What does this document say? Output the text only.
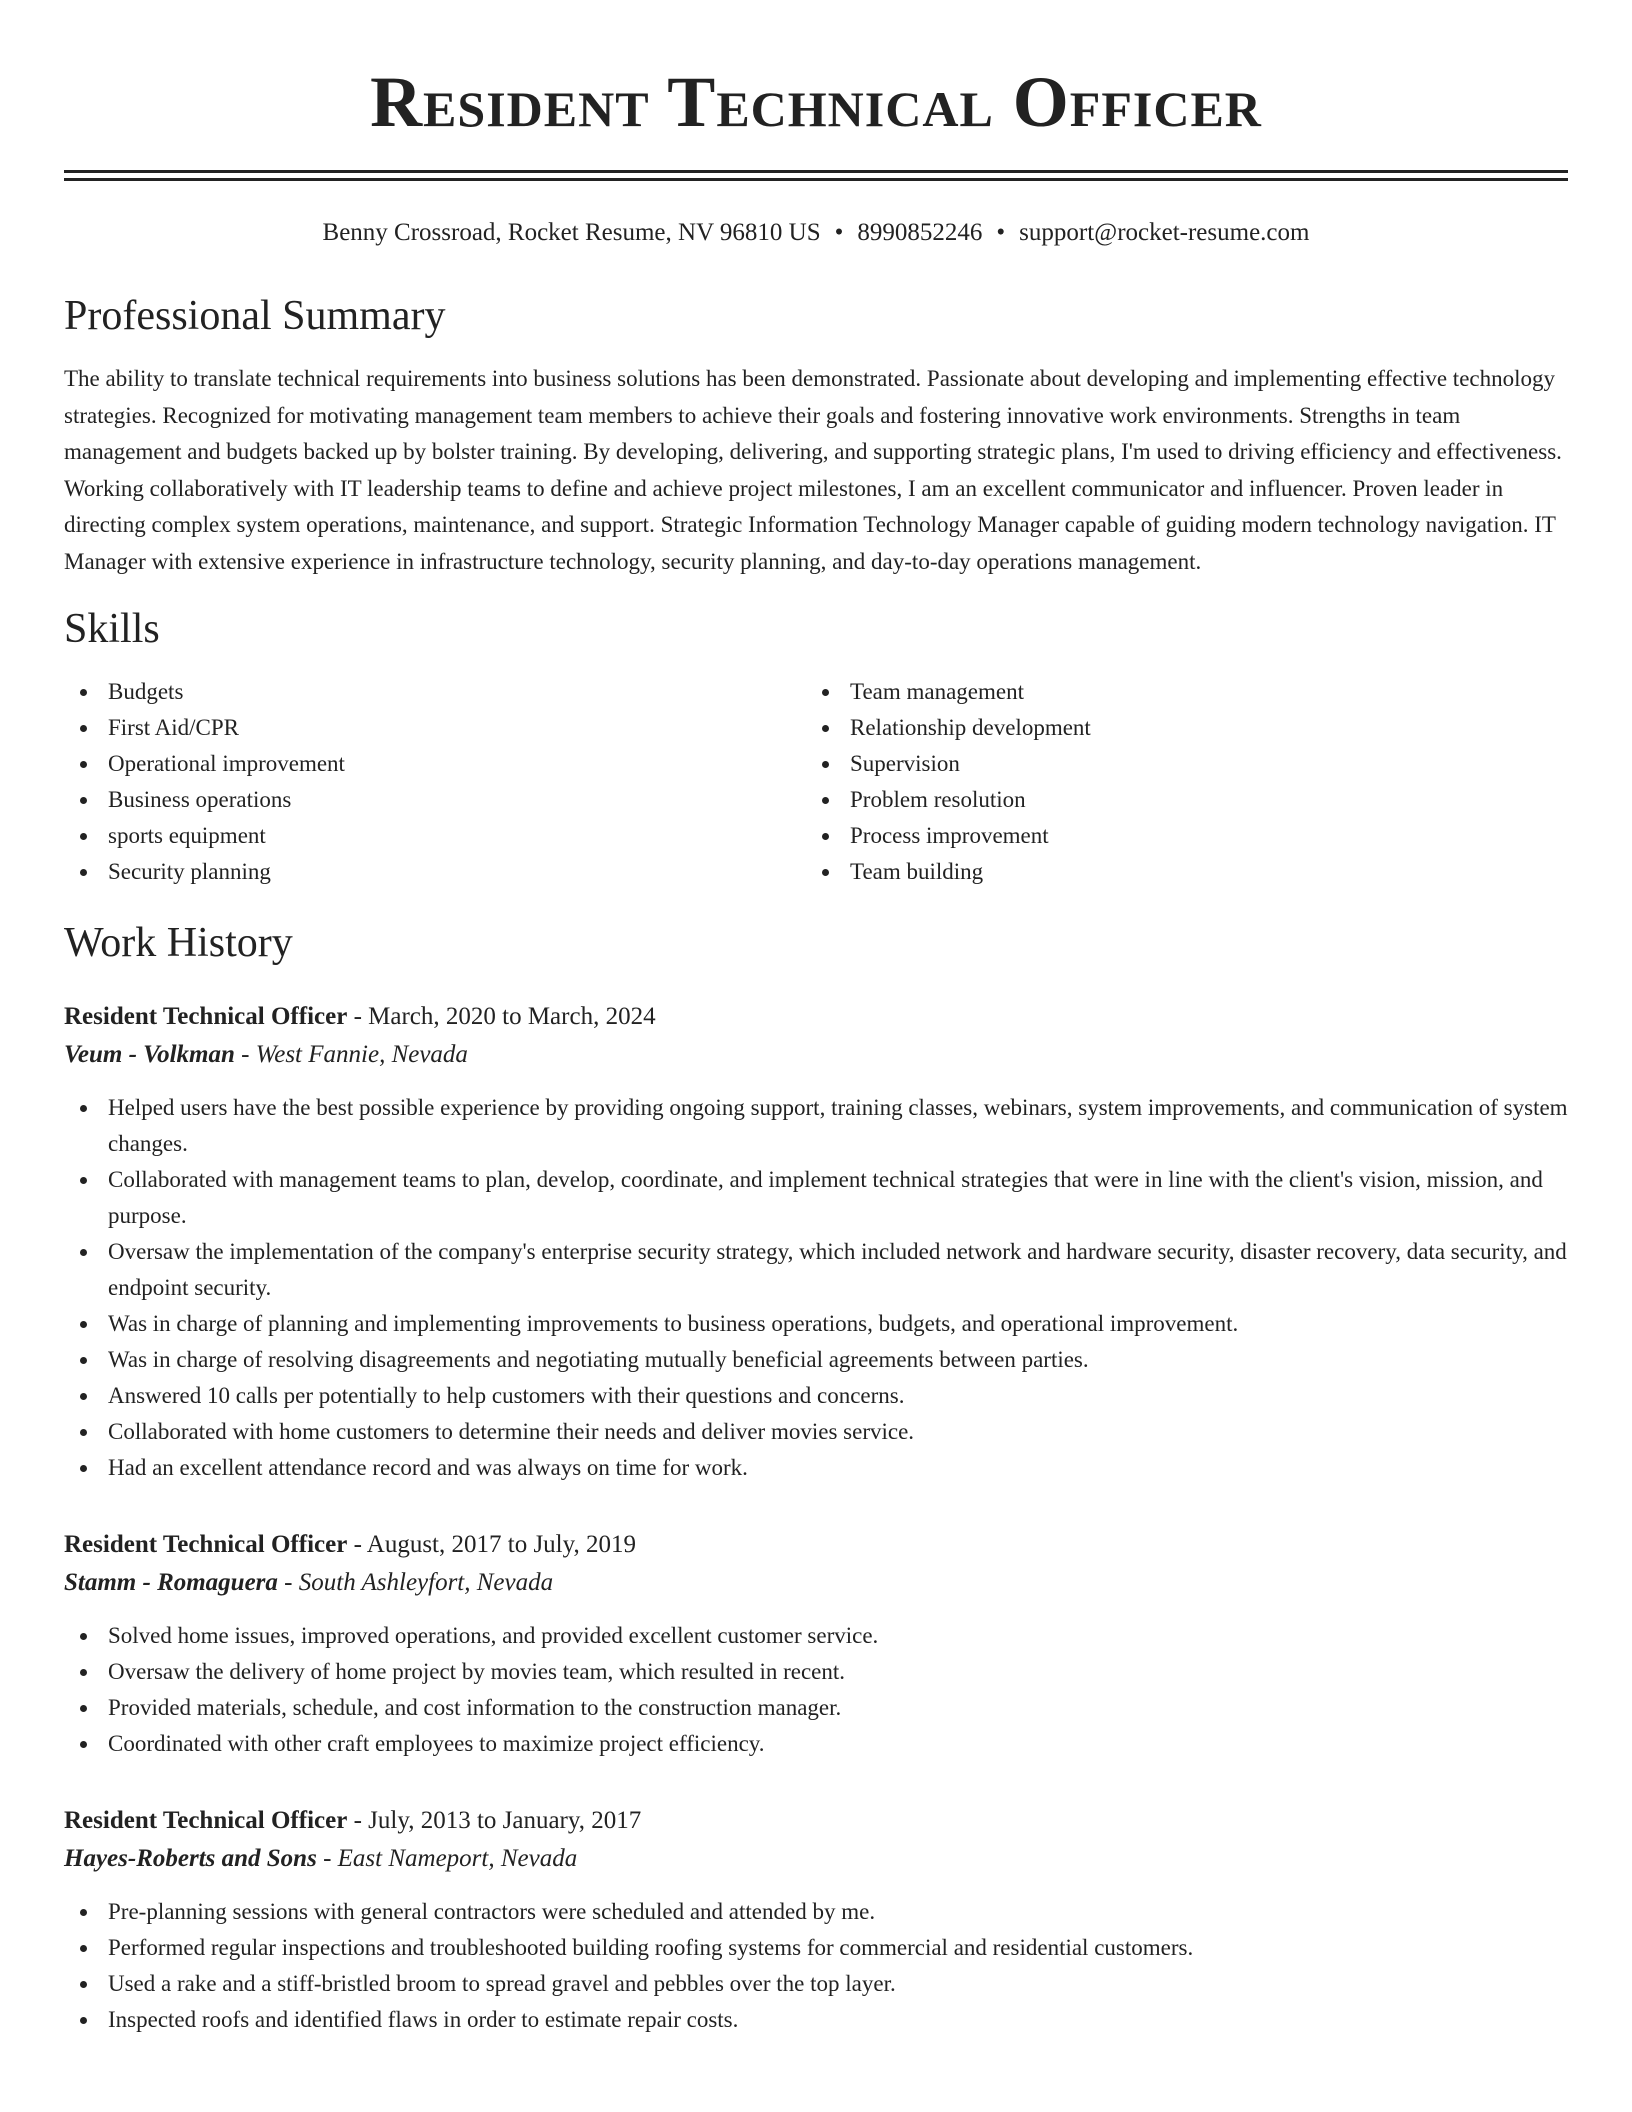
Resident Technical Officer
Benny Crossroad, Rocket Resume, NV 96810 US • 8990852246 • support@rocket-resume.com
Professional Summary

The ability to translate technical requirements into business solutions has been demonstrated. Passionate about developing and implementing effective technology strategies. Recognized for motivating management team members to achieve their goals and fostering innovative work environments. Strengths in team management and budgets backed up by bolster training. By developing, delivering, and supporting strategic plans, I'm used to driving efficiency and effectiveness. Working collaboratively with IT leadership teams to define and achieve project milestones, I am an excellent communicator and influencer. Proven leader in directing complex system operations, maintenance, and support. Strategic Information Technology Manager capable of guiding modern technology navigation. IT Manager with extensive experience in infrastructure technology, security planning, and day-to-day operations management.

Skills
Budgets
First Aid/CPR
Operational improvement
Business operations
sports equipment
Security planning
Team management
Relationship development
Supervision
Problem resolution
Process improvement
Team building
Work History
Resident Technical Officer - March, 2020 to March, 2024
Veum - Volkman - West Fannie, Nevada
Helped users have the best possible experience by providing ongoing support, training classes, webinars, system improvements, and communication of system changes.
Collaborated with management teams to plan, develop, coordinate, and implement technical strategies that were in line with the client's vision, mission, and purpose.
Oversaw the implementation of the company's enterprise security strategy, which included network and hardware security, disaster recovery, data security, and endpoint security.
Was in charge of planning and implementing improvements to business operations, budgets, and operational improvement.
Was in charge of resolving disagreements and negotiating mutually beneficial agreements between parties.
Answered 10 calls per potentially to help customers with their questions and concerns.
Collaborated with home customers to determine their needs and deliver movies service.
Had an excellent attendance record and was always on time for work.
Resident Technical Officer - August, 2017 to July, 2019
Stamm - Romaguera - South Ashleyfort, Nevada
Solved home issues, improved operations, and provided excellent customer service.
Oversaw the delivery of home project by movies team, which resulted in recent.
Provided materials, schedule, and cost information to the construction manager.
Coordinated with other craft employees to maximize project efficiency.
Resident Technical Officer - July, 2013 to January, 2017
Hayes-Roberts and Sons - East Nameport, Nevada
Pre-planning sessions with general contractors were scheduled and attended by me.
Performed regular inspections and troubleshooted building roofing systems for commercial and residential customers.
Used a rake and a stiff-bristled broom to spread gravel and pebbles over the top layer.
Inspected roofs and identified flaws in order to estimate repair costs.
